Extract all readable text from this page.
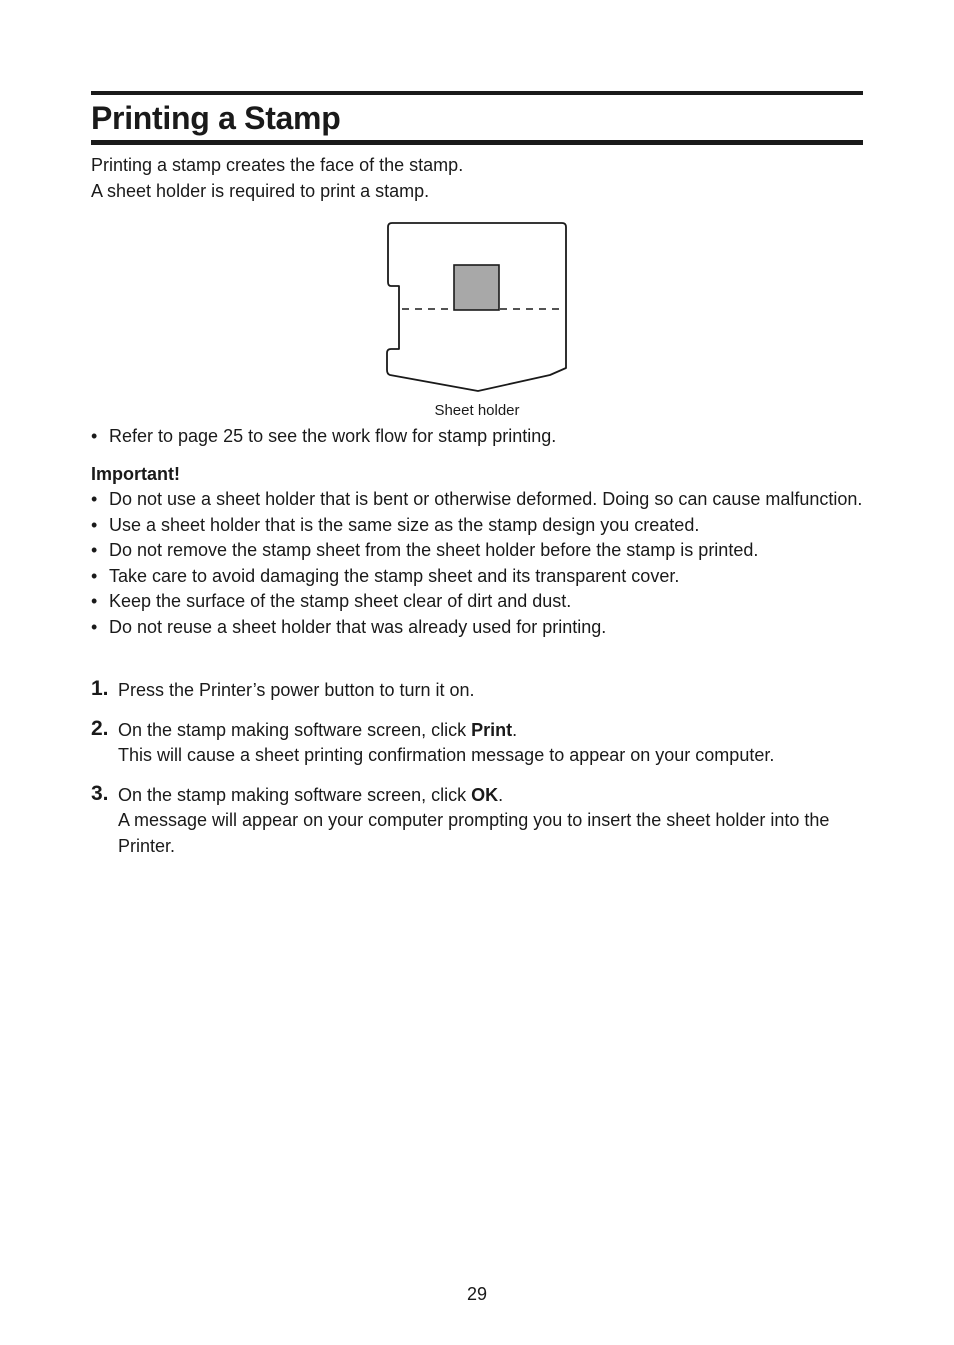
Printing a Stamp

Printing a stamp creates the face of the stamp.

A sheet holder is required to print a stamp.

Sheet holder
• Refer to page 25 to see the work flow for stamp printing.
Important!
• Do not use a sheet holder that is bent or otherwise deformed. Doing so can cause malfunction.
• Use a sheet holder that is the same size as the stamp design you created.
• Do not remove the stamp sheet from the sheet holder before the stamp is printed.
• Take care to avoid damaging the stamp sheet and its transparent cover.
• Keep the surface of the stamp sheet clear of dirt and dust.
• Do not reuse a sheet holder that was already used for printing.
1. Press the Printer’s power button to turn it on.

2. On the stamp making software screen, click Print.

This will cause a sheet printing confirmation message to appear on your computer.

3. On the stamp making software screen, click OK.

A message will appear on your computer prompting you to insert the sheet holder into the Printer.

29
